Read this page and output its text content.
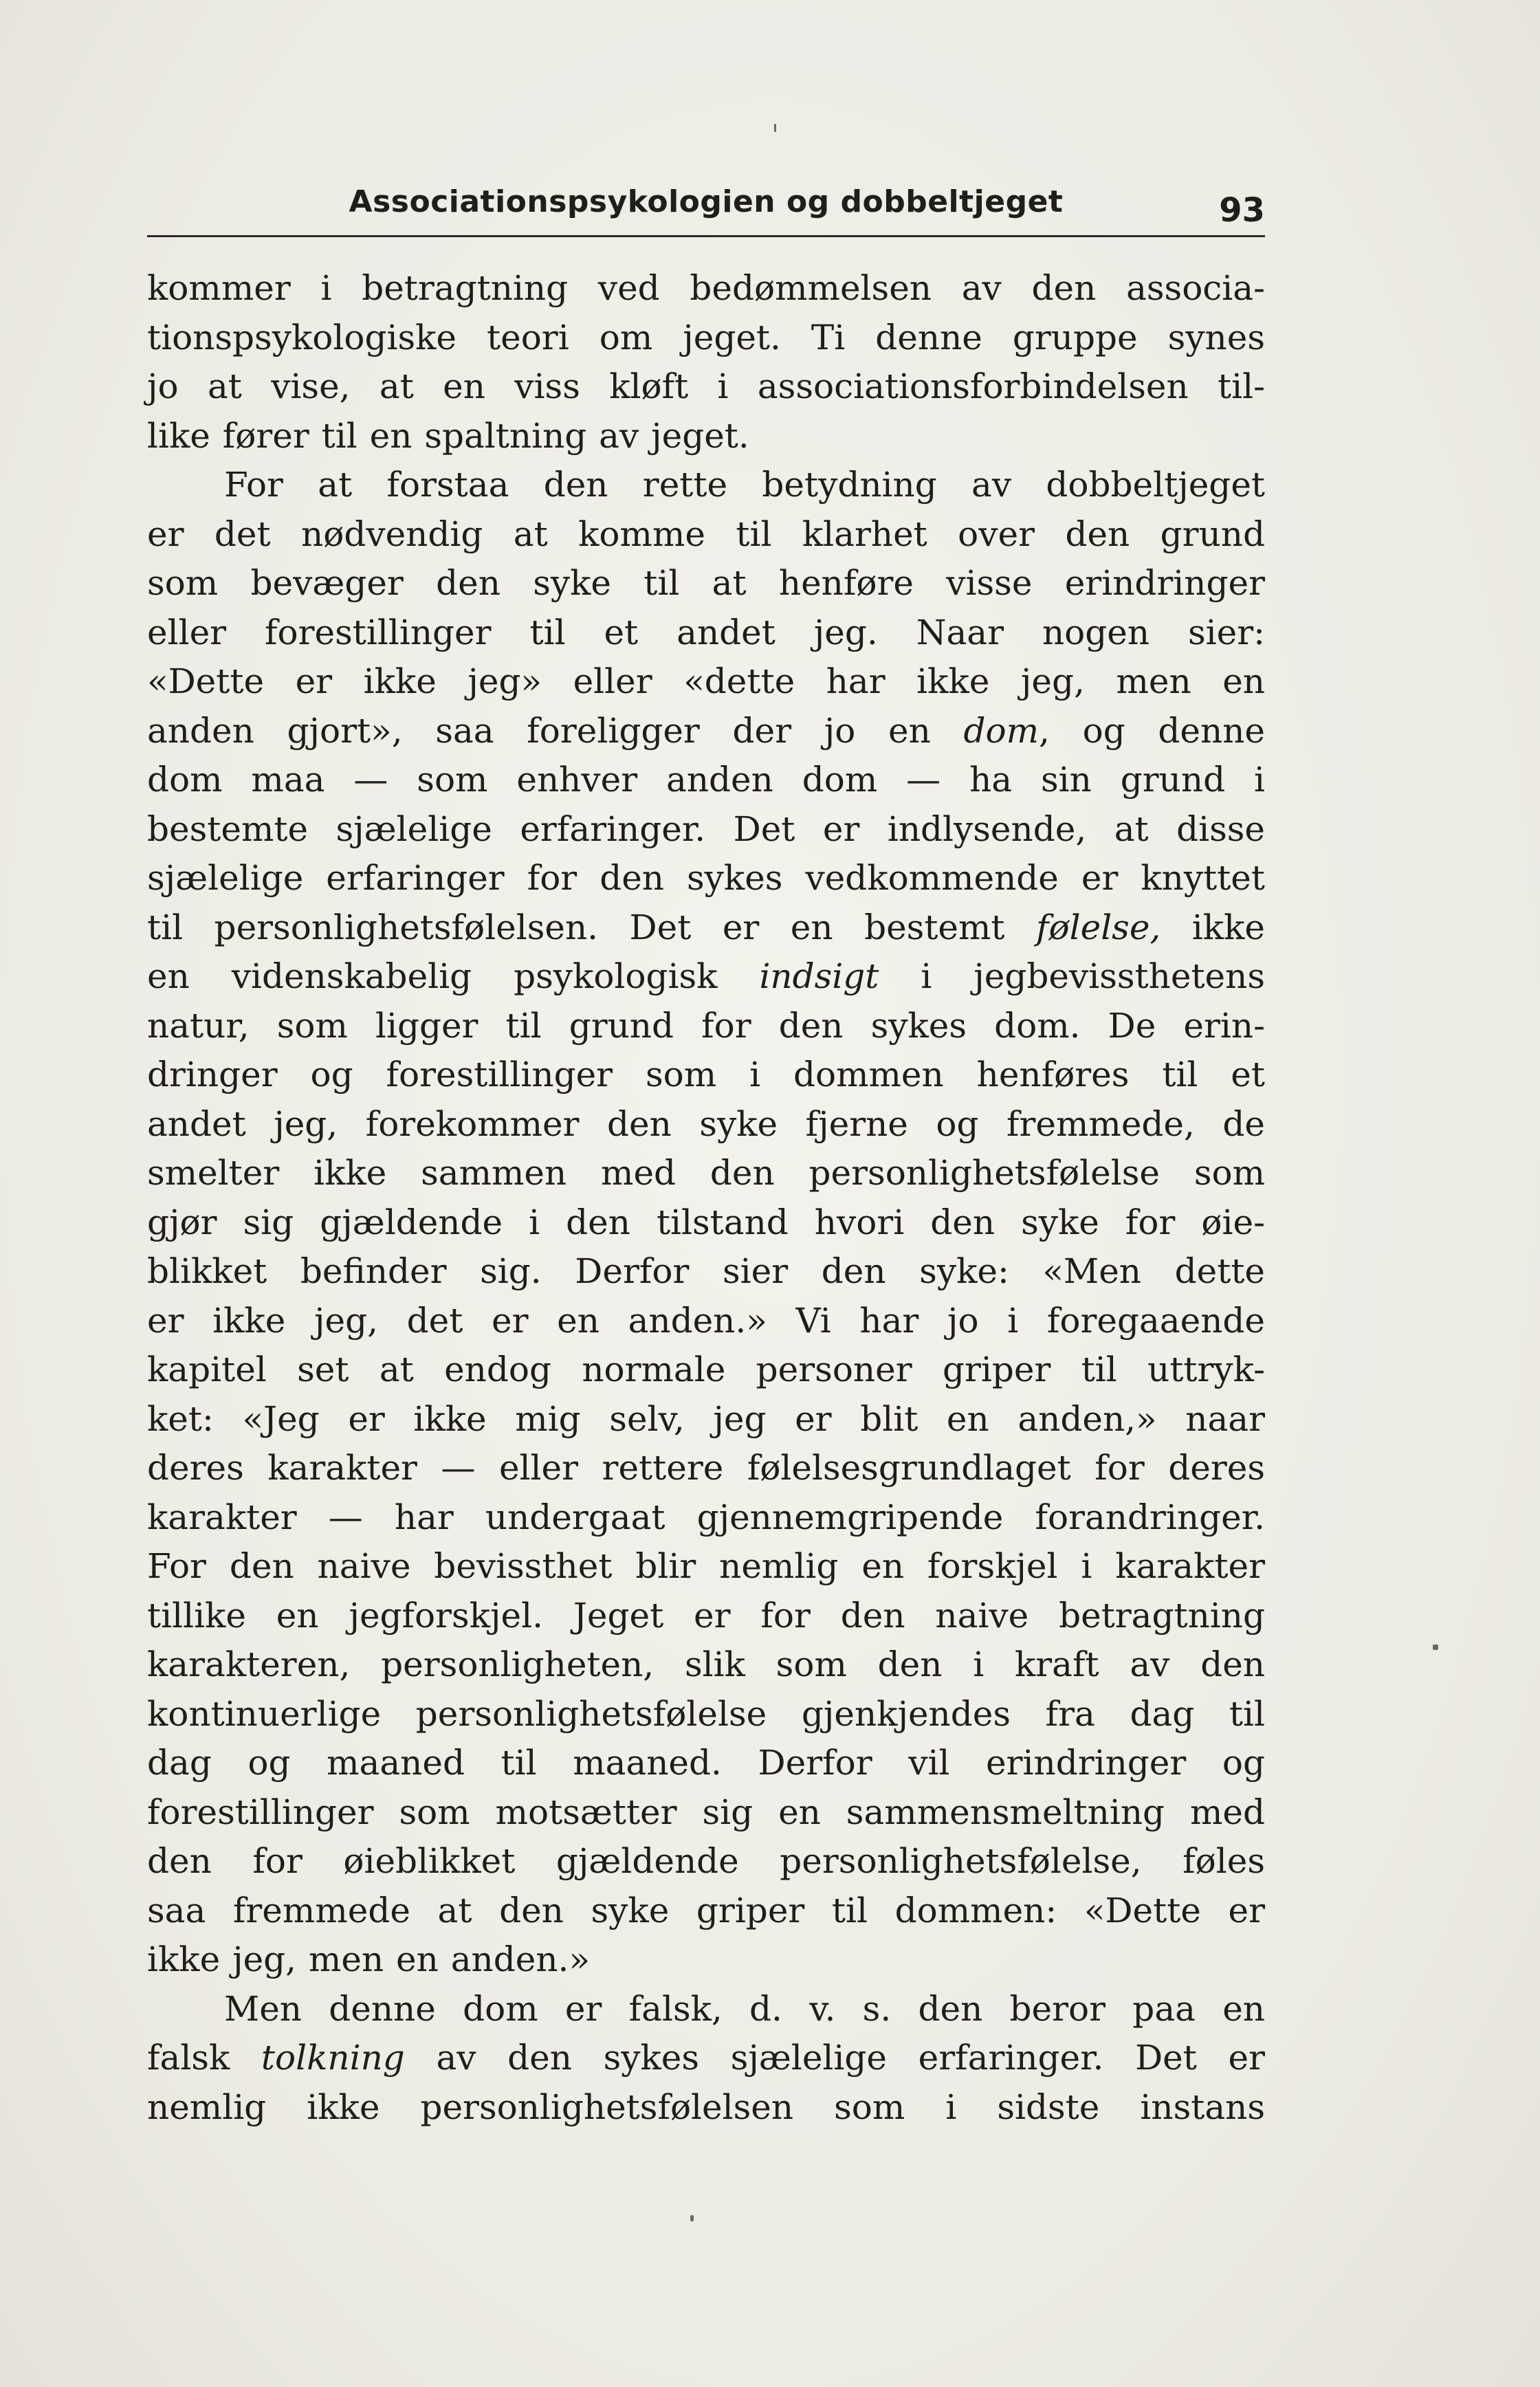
Associationspsykologien og dobbeltjeget	93
kommer i betragtning ved bedømmelsen av den associa-
tionspsykologiske teori om jeget. Ti denne gruppe synes
jo at vise, at en viss kløft i associationsforbindelsen til-
like fører til en spaltning av jeget.
For at forstaa den rette betydning av dobbeltjeget
er det nødvendig at komme til klarhet over den grund
som bevæger den syke til at henføre visse erindringer
eller forestillinger til et andet jeg. Naar nogen sier:
«Dette er ikke jeg» eller «dette har ikke jeg, men en
anden gjort», saa foreligger der jo en dom, og denne
dom maa — som enhver anden dom — ha sin grund i
bestemte sjælelige erfaringer. Det er indlysende, at disse
sjælelige erfaringer for den sykes vedkommende er knyttet
til personlighetsfølelsen. Det er en bestemt følelse, ikke
en videnskabelig psykologisk indsigt i jegbevissthetens
natur, som ligger til grund for den sykes dom. De erin-
dringer og forestillinger som i dommen henføres til et
andet jeg, forekommer den syke fjerne og fremmede, de
smelter ikke sammen med den personlighetsfølelse som
gjør sig gjældende i den tilstand hvori den syke for øie-
blikket befinder sig. Derfor sier den syke: «Men dette
er ikke jeg, det er en anden.» Vi har jo i foregaaende
kapitel set at endog normale personer griper til uttryk-
ket: «Jeg er ikke mig selv, jeg er blit en anden,» naar
deres karakter — eller rettere følelsesgrundlaget for deres
karakter — har undergaat gjennemgripende forandringer.
For den naive bevissthet blir nemlig en forskjel i karakter
tillike en jegforskjel. Jeget er for den naive betragtning
karakteren, personligheten, slik som den i kraft av den
kontinuerlige personlighetsfølelse gjenkjendes fra dag til
dag og maaned til maaned. Derfor vil erindringer og
forestillinger som motsætter sig en sammensmeltning med
den for øieblikket gjældende personlighetsfølelse, føles
saa fremmede at den syke griper til dommen: «Dette er
ikke jeg, men en anden.»
Men denne dom er falsk, d. v. s. den beror paa en
falsk tolkning av den sykes sjælelige erfaringer. Det er
nemlig ikke personlighetsfølelsen som i sidste instans
